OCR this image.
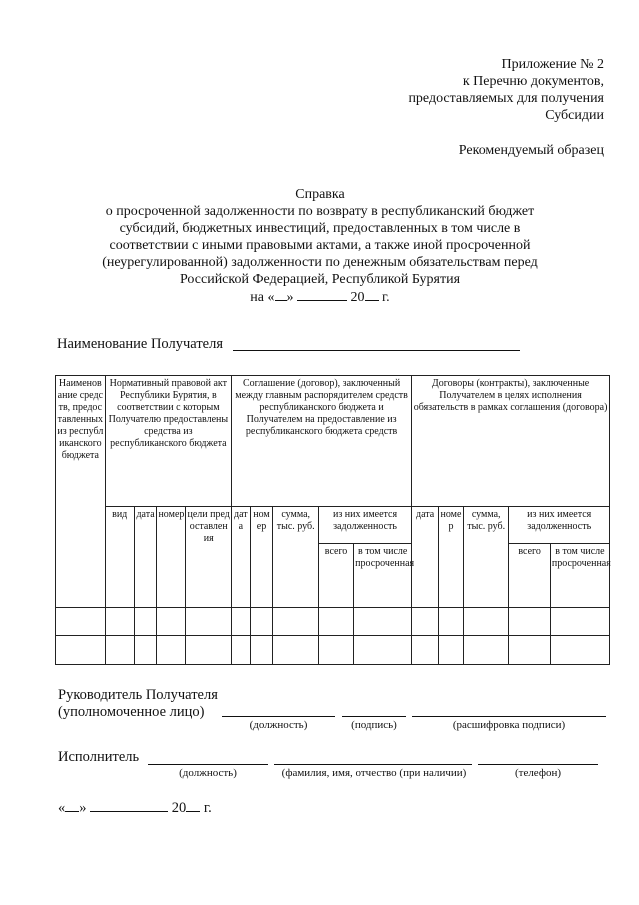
Приложение № 2
к Перечню документов,
предоставляемых для получения
Субсидии
Рекомендуемый образец
Справка
о просроченной задолженности по возврату в республиканский бюджет
субсидий, бюджетных инвестиций, предоставленных в том числе в
соответствии с иными правовыми актами, а также иной просроченной
(неурегулированной) задолженности по денежным обязательствам перед
Российской Федерацией, Республикой Бурятия
на « »	20 г.
Наименование Получателя
Наименование средств, предоставленных из республиканского бюджета	Нормативный правовой акт Республики Бурятия, в соответствии с которым Получателю предоставлены средства из республиканского бюджета				Соглашение (договор), заключенный между главным распорядителем средств республиканского бюджета и Получателем на предоставление из республиканского бюджета средств					Договоры (контракты), заключенные Получателем в целях исполнения обязательств в рамках соглашения (договора)				
	вид	дата	номер	цели предоставления	дата	номер	сумма, тыс. руб.	из них имеется задолженность		дата	номер	сумма, тыс. руб.	из них имеется задолженность	
								всего	в том числе просроченная				всего	в том числе просроченная

Руководитель Получателя
(уполномоченное лицо)
(должность)	(подпись)	(расшифровка подписи)
Исполнитель
(должность)	(фамилия, имя, отчество (при наличии)	(телефон)
« »	20 г.
